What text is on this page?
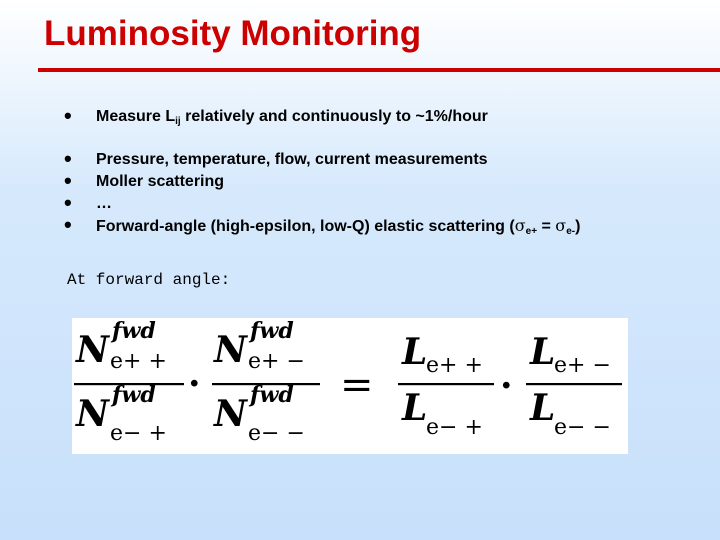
Luminosity Monitoring
• Measure $L_{ij}$ relatively and continuously to ~1%/hour
• Pressure, temperature, flow, current measurements
• Moller scattering
• …
• Forward-angle (high-epsilon, low-Q) elastic scattering $(\sigma_{e+} = \sigma_{e-})$
At forward angle:
N fwd
e+ +
N fwd
e− +
·
N fwd
e+ −
N fwd
e− −
=
L
e+ +
L
e− +
·
L
e+ −
L
e− −
